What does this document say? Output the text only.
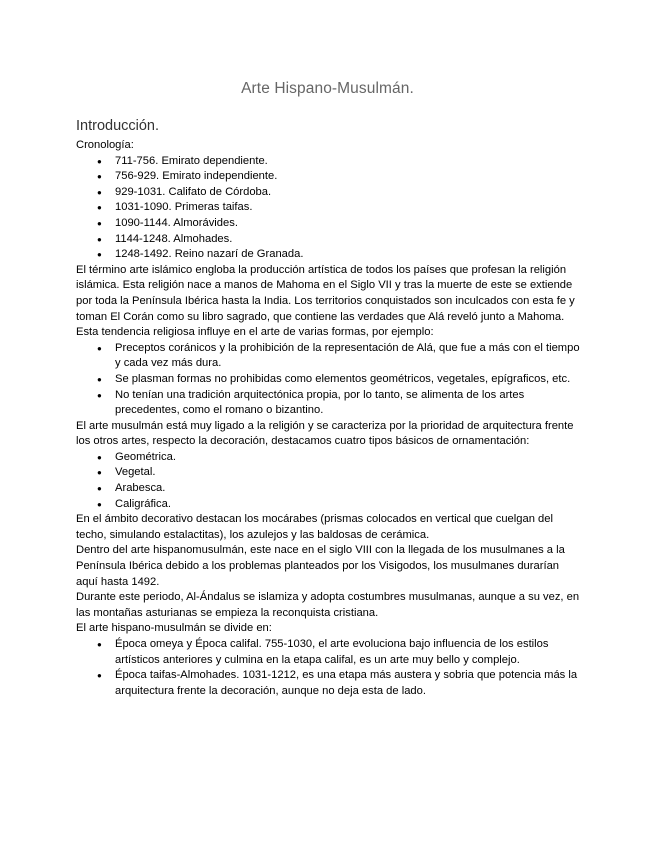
Arte Hispano-Musulmán.
Introducción.

Cronología:

● 711-756. Emirato dependiente.
● 756-929. Emirato independiente.
● 929-1031. Califato de Córdoba.
● 1031-1090. Primeras taifas.
● 1090-1144. Almorávides.
● 1144-1248. Almohades.
● 1248-1492. Reino nazarí de Granada.

El término arte islámico engloba la producción artística de todos los países que profesan la religión islámica. Esta religión nace a manos de Mahoma en el Siglo VII y tras la muerte de este se extiende por toda la Península Ibérica hasta la India. Los territorios conquistados son inculcados con esta fe y toman El Corán como su libro sagrado, que contiene las verdades que Alá reveló junto a Mahoma.

Esta tendencia religiosa influye en el arte de varias formas, por ejemplo:

● Preceptos coránicos y la prohibición de la representación de Alá, que fue a más con el tiempo y cada vez más dura.
● Se plasman formas no prohibidas como elementos geométricos, vegetales, epígraficos, etc.
● No tenían una tradición arquitectónica propia, por lo tanto, se alimenta de los artes precedentes, como el romano o bizantino.

El arte musulmán está muy ligado a la religión y se caracteriza por la prioridad de arquitectura frente los otros artes, respecto la decoración, destacamos cuatro tipos básicos de ornamentación:

● Geométrica.
● Vegetal.
● Arabesca.
● Caligráfica.

En el ámbito decorativo destacan los mocárabes (prismas colocados en vertical que cuelgan del techo, simulando estalactitas), los azulejos y las baldosas de cerámica.

Dentro del arte hispanomusulmán, este nace en el siglo VIII con la llegada de los musulmanes a la Península Ibérica debido a los problemas planteados por los Visigodos, los musulmanes durarían aquí hasta 1492.

Durante este periodo, Al-Ándalus se islamiza y adopta costumbres musulmanas, aunque a su vez, en las montañas asturianas se empieza la reconquista cristiana.

El arte hispano-musulmán se divide en:

● Época omeya y Época califal. 755-1030, el arte evoluciona bajo influencia de los estilos artísticos anteriores y culmina en la etapa califal, es un arte muy bello y complejo.
● Época taifas-Almohades. 1031-1212, es una etapa más austera y sobria que potencia más la arquitectura frente la decoración, aunque no deja esta de lado.
